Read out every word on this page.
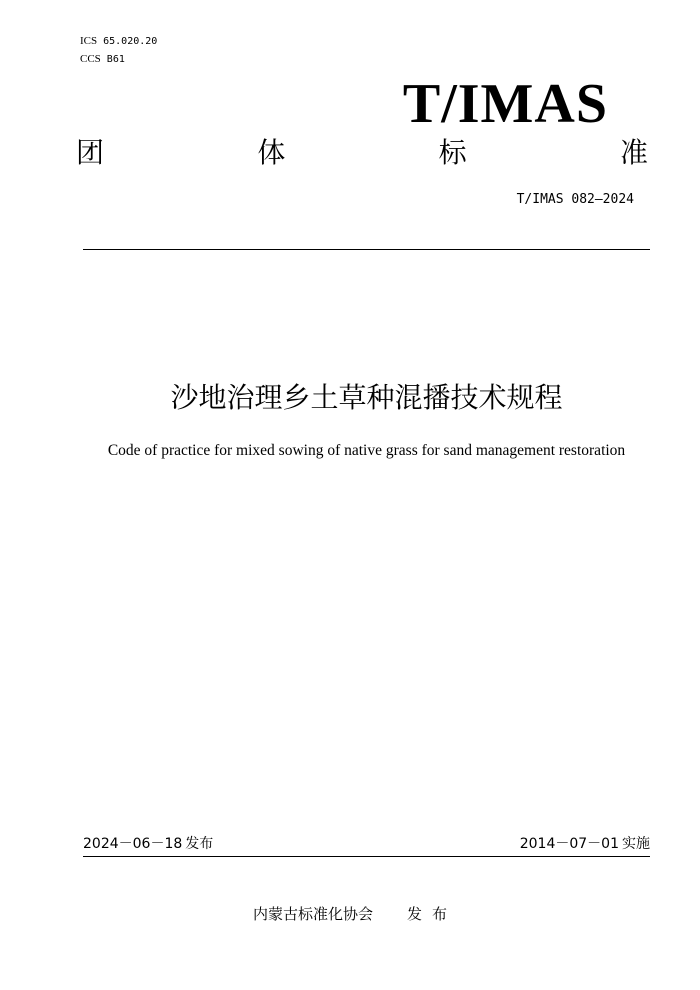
ICS 65.020.20
CCS B61
T/IMAS
团	体	标	准
T/IMAS 082—2024
沙地治理乡土草种混播技术规程
Code of practice for mixed sowing of native grass for sand management restoration
2024－06－18 发布	2014－07－01 实施
内蒙古标准化协会 发布
